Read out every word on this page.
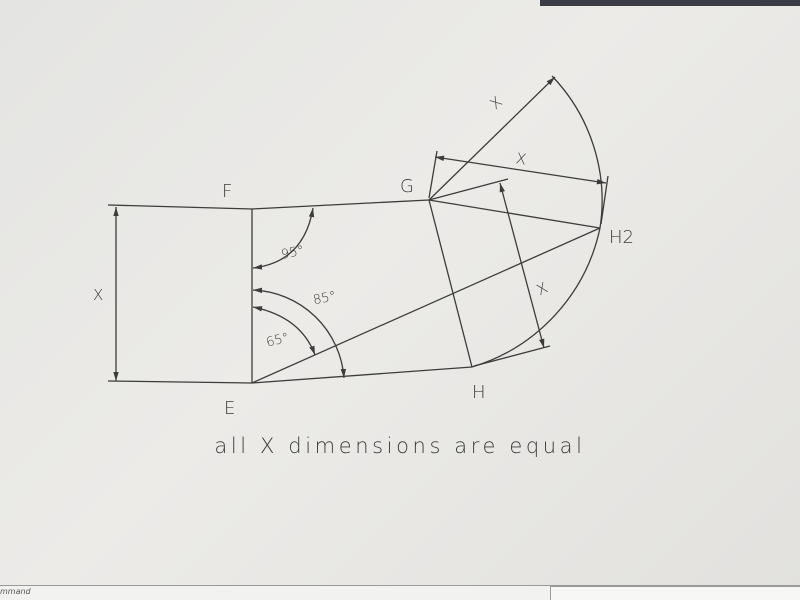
F	G
E
H
H2
X
X
X
X
95°
85°
65°
all X dimensions are equal
mmand
